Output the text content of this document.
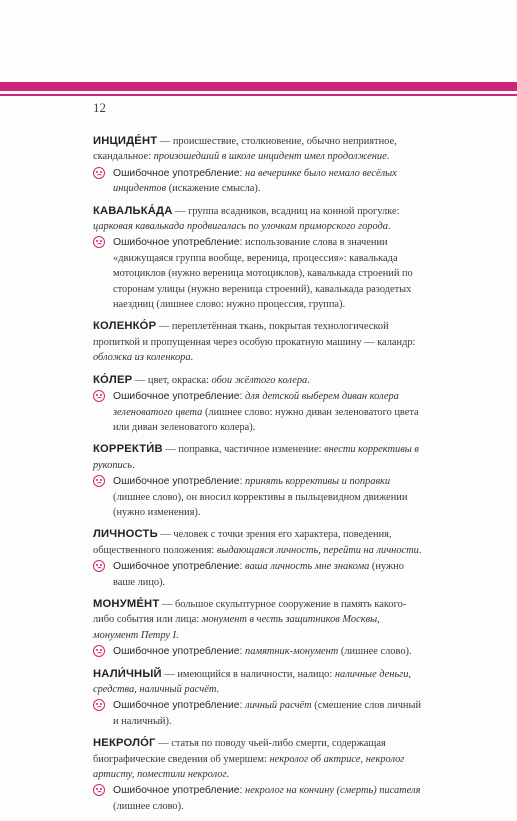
12
ИНЦИДЕ́НТ — происшествие, столкновение, обычно неприятное, скандальное: произошедший в школе инцидент имел продолжение.
Ошибочное употребление: на вечеринке было немало весёлых инцидентов (искажение смысла).
КАВАЛЬКА́ДА — группа всадников, всадниц на конной прогулке: царковая кавалькада продвигалась по улочкам приморского города.
Ошибочное употребление: использование слова в значении «движущаяся группа вообще, вереница, процессия»: кавалькада мотоциклов (нужно вереница мотоциклов), кавалькада строений по сторонам улицы (нужно вереница строений), кавалькада разодетых наездниц (лишнее слово: нужно процессия, группа).
КОЛЕНКО́Р — переплетённая ткань, покрытая технологической пропиткой и пропущенная через особую прокатную машину — каландр: обложка из коленкора.
КО́ЛЕР — цвет, окраска: обои жёлтого колера.
Ошибочное употребление: для детской выберем диван колера зеленоватого цвета (лишнее слово: нужно диван зеленоватого цвета или диван зеленоватого колера).
КОРРЕКТИ́В — поправка, частичное изменение: внести коррективы в рукопись.
Ошибочное употребление: принять коррективы и поправки (лишнее слово), он вносил коррективы в пыльцевидном движении (нужно изменения).
ЛИЧНОСТЬ — человек с точки зрения его характера, поведения, общественного положения: выдающаяся личность, перейти на личности.
Ошибочное употребление: ваша личность мне знакома (нужно ваше лицо).
МОНУМЕ́НТ — большое скульптурное сооружение в память какого-либо события или лица: монумент в честь защитников Москвы, монумент Петру I.
Ошибочное употребление: памятник-монумент (лишнее слово).
НАЛИ́ЧНЫЙ — имеющийся в наличности, налицо: наличные деньги, средства, наличный расчёт.
Ошибочное употребление: личный расчёт (смешение слов личный и наличный).
НЕКРОЛО́Г — статья по поводу чьей-либо смерти, содержащая биографические сведения об умершем: некролог об актрисе, некролог артисту, поместили некролог.
Ошибочное употребление: некролог на кончину (смерть) писателя (лишнее слово).
